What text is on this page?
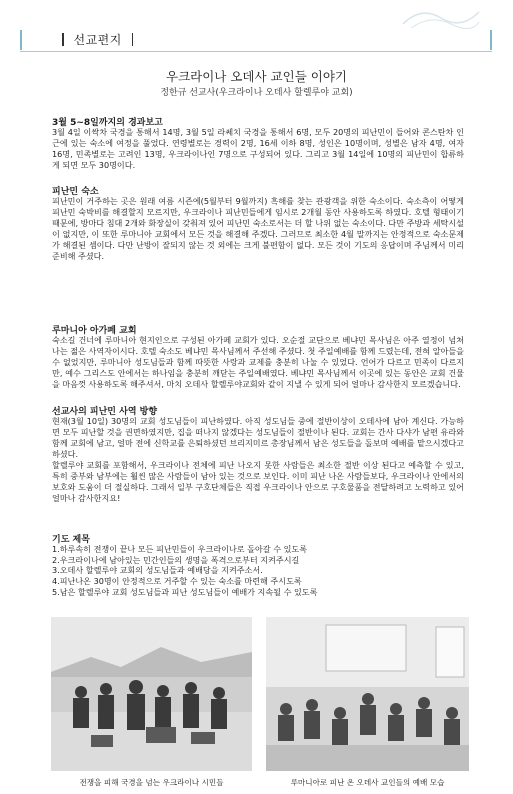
선교편지
우크라이나 오데사 교인들 이야기
정한규 선교사(우크라이나 오데사 할렐루야 교회)
3월 5~8일까지의 경과보고
3월 4일 이싹차 국경을 통해서 14명, 3월 5일 라쎄치 국경을 통해서 6명, 모두 20명의 피난민이 들어와 콘스탄차 인근에 있는 숙소에 여정을 풀었다. 연령별로는 경력이 2명, 16세 이하 8명, 성인은 10명이며, 성별은 남자 4명, 여자 16명, 민족별로는 고려인 13명, 우크라이나인 7명으로 구성되어 있다. 그리고 3월 14일에 10명의 피난민이 합류하게 되면 모두 30명이다.
피난민 숙소
피난민이 거주하는 곳은 원래 여름 시즌에(5월부터 9월까지) 흑해를 찾는 관광객을 위한 숙소이다. 숙소측이 어떻게 피난민 숙박비를 해결할지 모르지만, 우크라이나 피난민들에게 임시로 2개월 동안 사용하도록 하였다. 호텔 형태이기 때문에, 방마다 침대 2개와 화장실이 갖춰져 있어 피난민 숙소로서는 더 할 나위 없는 숙소이다. 다만 주방과 세탁시설이 없지만, 이 또한 루마니아 교회에서 모든 것을 해결해 주겠다. 그러므로 최소한 4월 말까지는 안정적으로 숙소문제가 해결된 셈이다. 다만 난방이 잘되지 않는 것 외에는 크게 불편함이 없다. 모든 것이 기도의 응답이며 주님께서 미리 준비해 주셨다.
루마니아 아가페 교회
숙소길 건너에 루마니아 현지인으로 구성된 아가페 교회가 있다. 오순절 교단으로 베냐민 목사님은 아주 열정이 넘쳐나는 젊은 사역자이시다. 호텔 숙소도 베냐민 목사님께서 주선해 주셨다. 첫 주일예배를 함께 드렸는데, 전혀 알아들을 수 없었지만, 루마니아 성도님들과 함께 따뜻한 사랑과 교제를 충분히 나눌 수 있었다. 언어가 다르고 민족이 다르지만, 예수 그리스도 안에서는 하나임을 충분히 깨닫는 주일예배였다. 베냐민 목사님께서 이곳에 있는 동안은 교회 건물을 마음껏 사용하도록 해주셔서, 마치 오데사 할렐루야교회와 같이 지낼 수 있게 되어 얼마나 감사한지 모르겠습니다.
선교사의 피난민 사역 방향
현재(3월 10일) 30명의 교회 성도님들이 피난하였다. 아직 성도님들 중에 절반이상이 오데사에 남아 계신다. 가능하면 모두 피난할 것을 권면하였지만, 집을 떠나지 않겠다는 성도님들이 절반이나 된다. 교회는 간사 다샤가 남편 유라와 함께 교회에 남고, 얼마 전에 신학교를 은퇴하셨던 브리지미르 총장님께서 남은 성도들을 돌보며 예배를 맡으시겠다고 하셨다.
할렐루야 교회를 포함해서, 우크라이나 전체에 피난 나오지 못한 사람들은 최소한 절반 이상 된다고 예측할 수 있고, 특히 중부와 남부에는 훨씬 많은 사람들이 남아 있는 것으로 보인다. 이미 피난 나온 사람들보다, 우크라이나 안에서의 보호와 도움이 더 절실하다. 그래서 일부 구호단체들은 직접 우크라이나 안으로 구호물품을 전달하려고 노력하고 있어 얼마나 감사한지요!
기도 제목
1.하루속히 전쟁이 끝나 모든 피난민들이 우크라이나로 돌아갈 수 있도록
2.우크라이나에 남아있는 민간인들의 생명을 폭격으로부터 지켜주시길
3.오데사 할렐루야 교회의 성도님들과 예배당을 지켜주소서.
4.피난나온 30명이 안정적으로 거주할 수 있는 숙소를 마련해 주시도록
5.남은 할렐루야 교회 성도님들과 피난 성도님들이 예배가 지속될 수 있도록
전쟁을 피해 국경을 넘는 우크라이나 시민들	루마니아로 피난 온 오데사 교인들의 예배 모습
